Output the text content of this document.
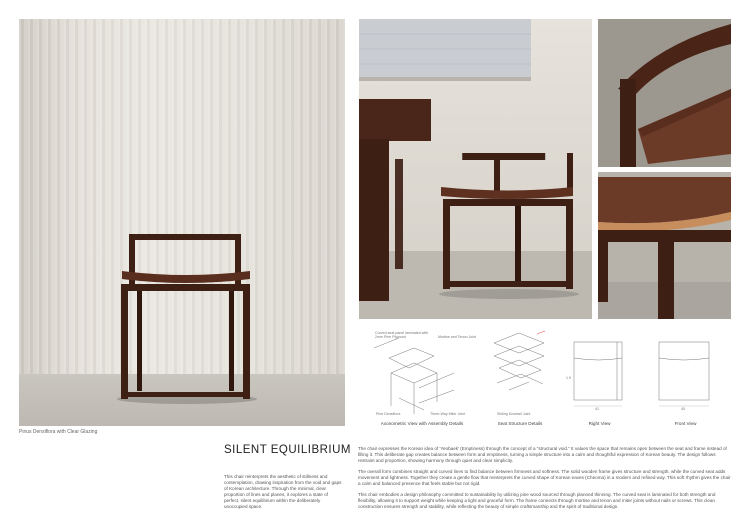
Pinus Densiflora with Clear Glazing
Curved seat panel laminated with 2mm Pine Plywood	Mortise and Tenon Joint
Pine Densiflora	Three-Way Miter Joint	Sliding Dovetail Joint
41
1.9
45
Axonometric View with Assembly Details	Seat Structure Details	Right View	Front View
SILENT EQUILIBRIUM
This chair reinterprets the aesthetic of stillness and contemplation, drawing inspiration from the void and gaps of Korean architecture. Through the minimal, clear proportion of lines and planes, it explores a state of perfect, silent equilibrium within the deliberately unoccupied space.

The chair expresses the Korean idea of 'Yeobaek' (Emptiness) through the concept of a “structural void.” It values the space that remains open between the seat and frame instead of filling it. This deliberate gap creates balance between form and emptiness, turning a simple structure into a calm and thoughtful expression of Korean beauty. The design follows restraint and proportion, showing harmony through quiet and clear simplicity.

The overall form combines straight and curved lines to find balance between firmness and softness. The solid wooden frame gives structure and strength, while the curved seat adds movement and lightness. Together they create a gentle flow that reinterprets the curved shape of Korean eaves (Cheoma) in a modern and refined way. This soft rhythm gives the chair a calm and balanced presence that feels stable but not rigid.

This chair embodies a design philosophy committed to sustainability by utilizing pine wood sourced through planned thinning. The curved seat is laminated for both strength and flexibility, allowing it to support weight while keeping a light and graceful form. The frame connects through mortise and tenon and miter joints without nails or screws. This clean construction ensures strength and stability, while reflecting the beauty of simple craftsmanship and the spirit of traditional design.
